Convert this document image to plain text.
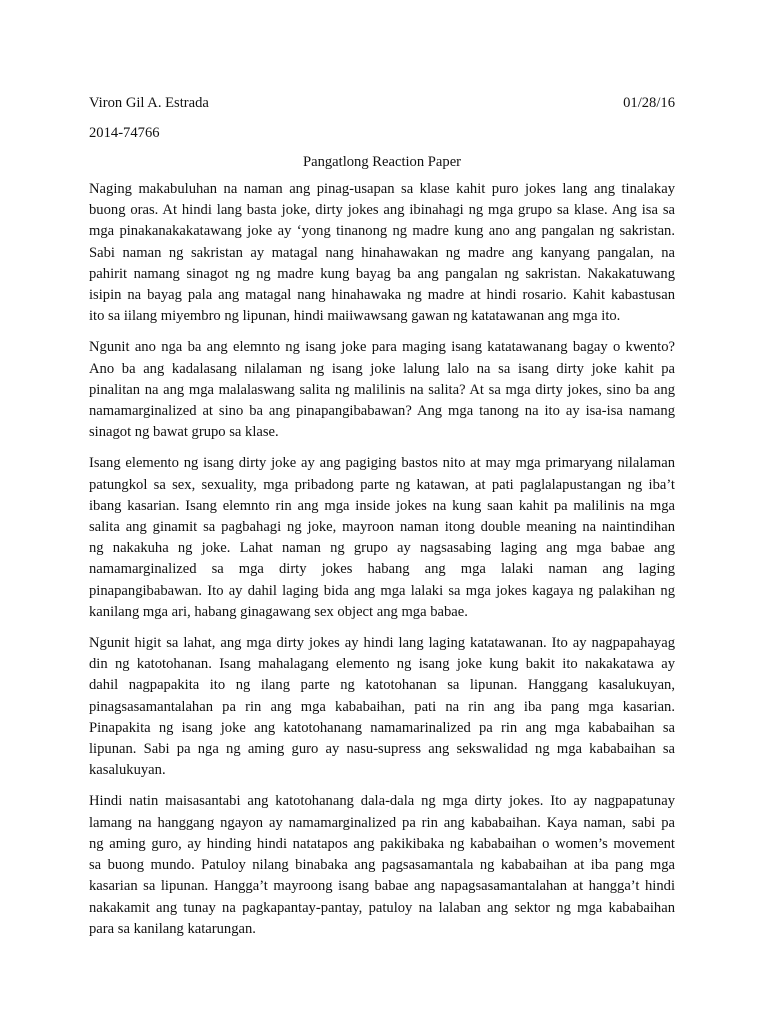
Viron Gil A. Estrada	01/28/16
2014-74766
Pangatlong Reaction Paper

Naging makabuluhan na naman ang pinag-usapan sa klase kahit puro jokes lang ang tinalakay
buong oras. At hindi lang basta joke, dirty jokes ang ibinahagi ng mga grupo sa klase. Ang isa sa
mga pinakanakakatawang joke ay ‘yong tinanong ng madre kung ano ang pangalan ng sakristan.
Sabi naman ng sakristan ay matagal nang hinahawakan ng madre ang kanyang pangalan, na
pahirit namang sinagot ng ng madre kung bayag ba ang pangalan ng sakristan. Nakakatuwang
isipin na bayag pala ang matagal nang hinahawaka ng madre at hindi rosario. Kahit kabastusan
ito sa iilang miyembro ng lipunan, hindi maiiwawsang gawan ng katatawanan ang mga ito.

Ngunit ano nga ba ang elemnto ng isang joke para maging isang katatawanang bagay o kwento?
Ano ba ang kadalasang nilalaman ng isang joke lalung lalo na sa isang dirty joke kahit pa
pinalitan na ang mga malalaswang salita ng malilinis na salita? At sa mga dirty jokes, sino ba ang
namamarginalized at sino ba ang pinapangibabawan? Ang mga tanong na ito ay isa-isa namang
sinagot ng bawat grupo sa klase.

Isang elemento ng isang dirty joke ay ang pagiging bastos nito at may mga primaryang nilalaman
patungkol sa sex, sexuality, mga pribadong parte ng katawan, at pati paglalapustangan ng iba’t
ibang kasarian. Isang elemnto rin ang mga inside jokes na kung saan kahit pa malilinis na mga
salita ang ginamit sa pagbahagi ng joke, mayroon naman itong double meaning na naintindihan
ng nakakuha ng joke. Lahat naman ng grupo ay nagsasabing laging ang mga babae ang
namamarginalized sa mga dirty jokes habang ang mga lalaki naman ang laging
pinapangibabawan. Ito ay dahil laging bida ang mga lalaki sa mga jokes kagaya ng palakihan ng
kanilang mga ari, habang ginagawang sex object ang mga babae.

Ngunit higit sa lahat, ang mga dirty jokes ay hindi lang laging katatawanan. Ito ay nagpapahayag
din ng katotohanan. Isang mahalagang elemento ng isang joke kung bakit ito nakakatawa ay
dahil nagpapakita ito ng ilang parte ng katotohanan sa lipunan. Hanggang kasalukuyan,
pinagsasamantalahan pa rin ang mga kababaihan, pati na rin ang iba pang mga kasarian.
Pinapakita ng isang joke ang katotohanang namamarinalized pa rin ang mga kababaihan sa
lipunan. Sabi pa nga ng aming guro ay nasu-supress ang sekswalidad ng mga kababaihan sa
kasalukuyan.

Hindi natin maisasantabi ang katotohanang dala-dala ng mga dirty jokes. Ito ay nagpapatunay
lamang na hanggang ngayon ay namamarginalized pa rin ang kababaihan. Kaya naman, sabi pa
ng aming guro, ay hinding hindi natatapos ang pakikibaka ng kababaihan o women’s movement
sa buong mundo. Patuloy nilang binabaka ang pagsasamantala ng kababaihan at iba pang mga
kasarian sa lipunan. Hangga’t mayroong isang babae ang napagsasamantalahan at hangga’t hindi
nakakamit ang tunay na pagkapantay-pantay, patuloy na lalaban ang sektor ng mga kababaihan
para sa kanilang katarungan.
